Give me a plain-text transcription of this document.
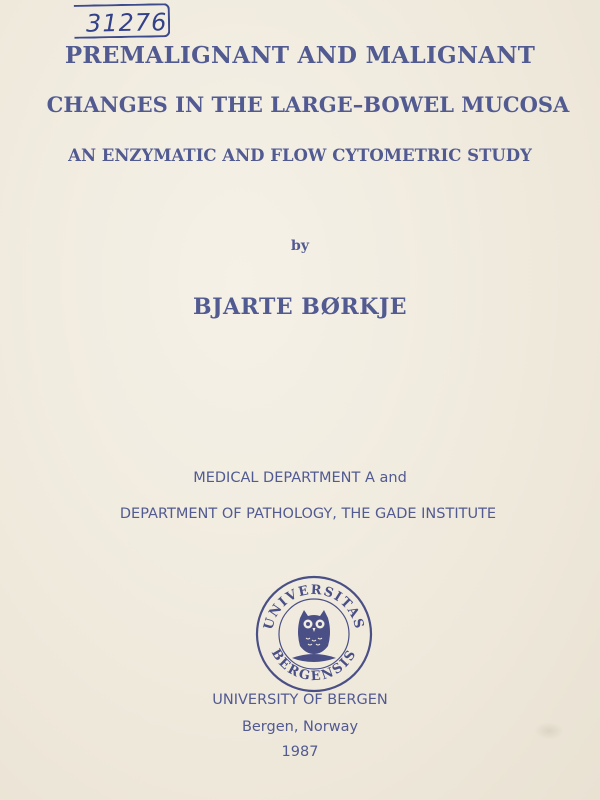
31276
PREMALIGNANT AND MALIGNANT
CHANGES IN THE LARGE–BOWEL MUCOSA
AN ENZYMATIC AND FLOW CYTOMETRIC STUDY
by
BJARTE BØRKJE
MEDICAL DEPARTMENT A and
DEPARTMENT OF PATHOLOGY, THE GADE INSTITUTE
UNIVERSITAS
BERGENSIS
UNIVERSITY OF BERGEN
Bergen, Norway
1987
